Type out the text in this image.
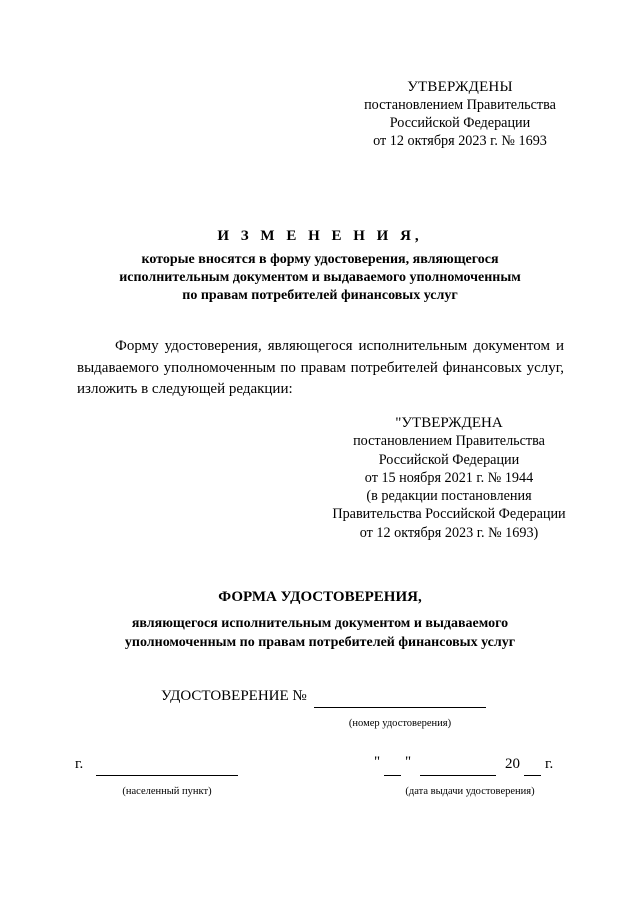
УТВЕРЖДЕНЫ
постановлением Правительства
Российской Федерации
от 12 октября 2023 г. № 1693
И З М Е Н Е Н И Я,
которые вносятся в форму удостоверения, являющегося
исполнительным документом и выдаваемого уполномоченным
по правам потребителей финансовых услуг
Форму удостоверения, являющегося исполнительным документом и выдаваемого уполномоченным по правам потребителей финансовых услуг, изложить в следующей редакции:
"УТВЕРЖДЕНА
постановлением Правительства
Российской Федерации
от 15 ноября 2021 г. № 1944
(в редакции постановления
Правительства Российской Федерации
от 12 октября 2023 г. № 1693)
ФОРМА УДОСТОВЕРЕНИЯ,
являющегося исполнительным документом и выдаваемого
уполномоченным по правам потребителей финансовых услуг
УДОСТОВЕРЕНИЕ №
(номер удостоверения)
г.
(населенный пункт)
" "	20 г.
(дата выдачи удостоверения)
